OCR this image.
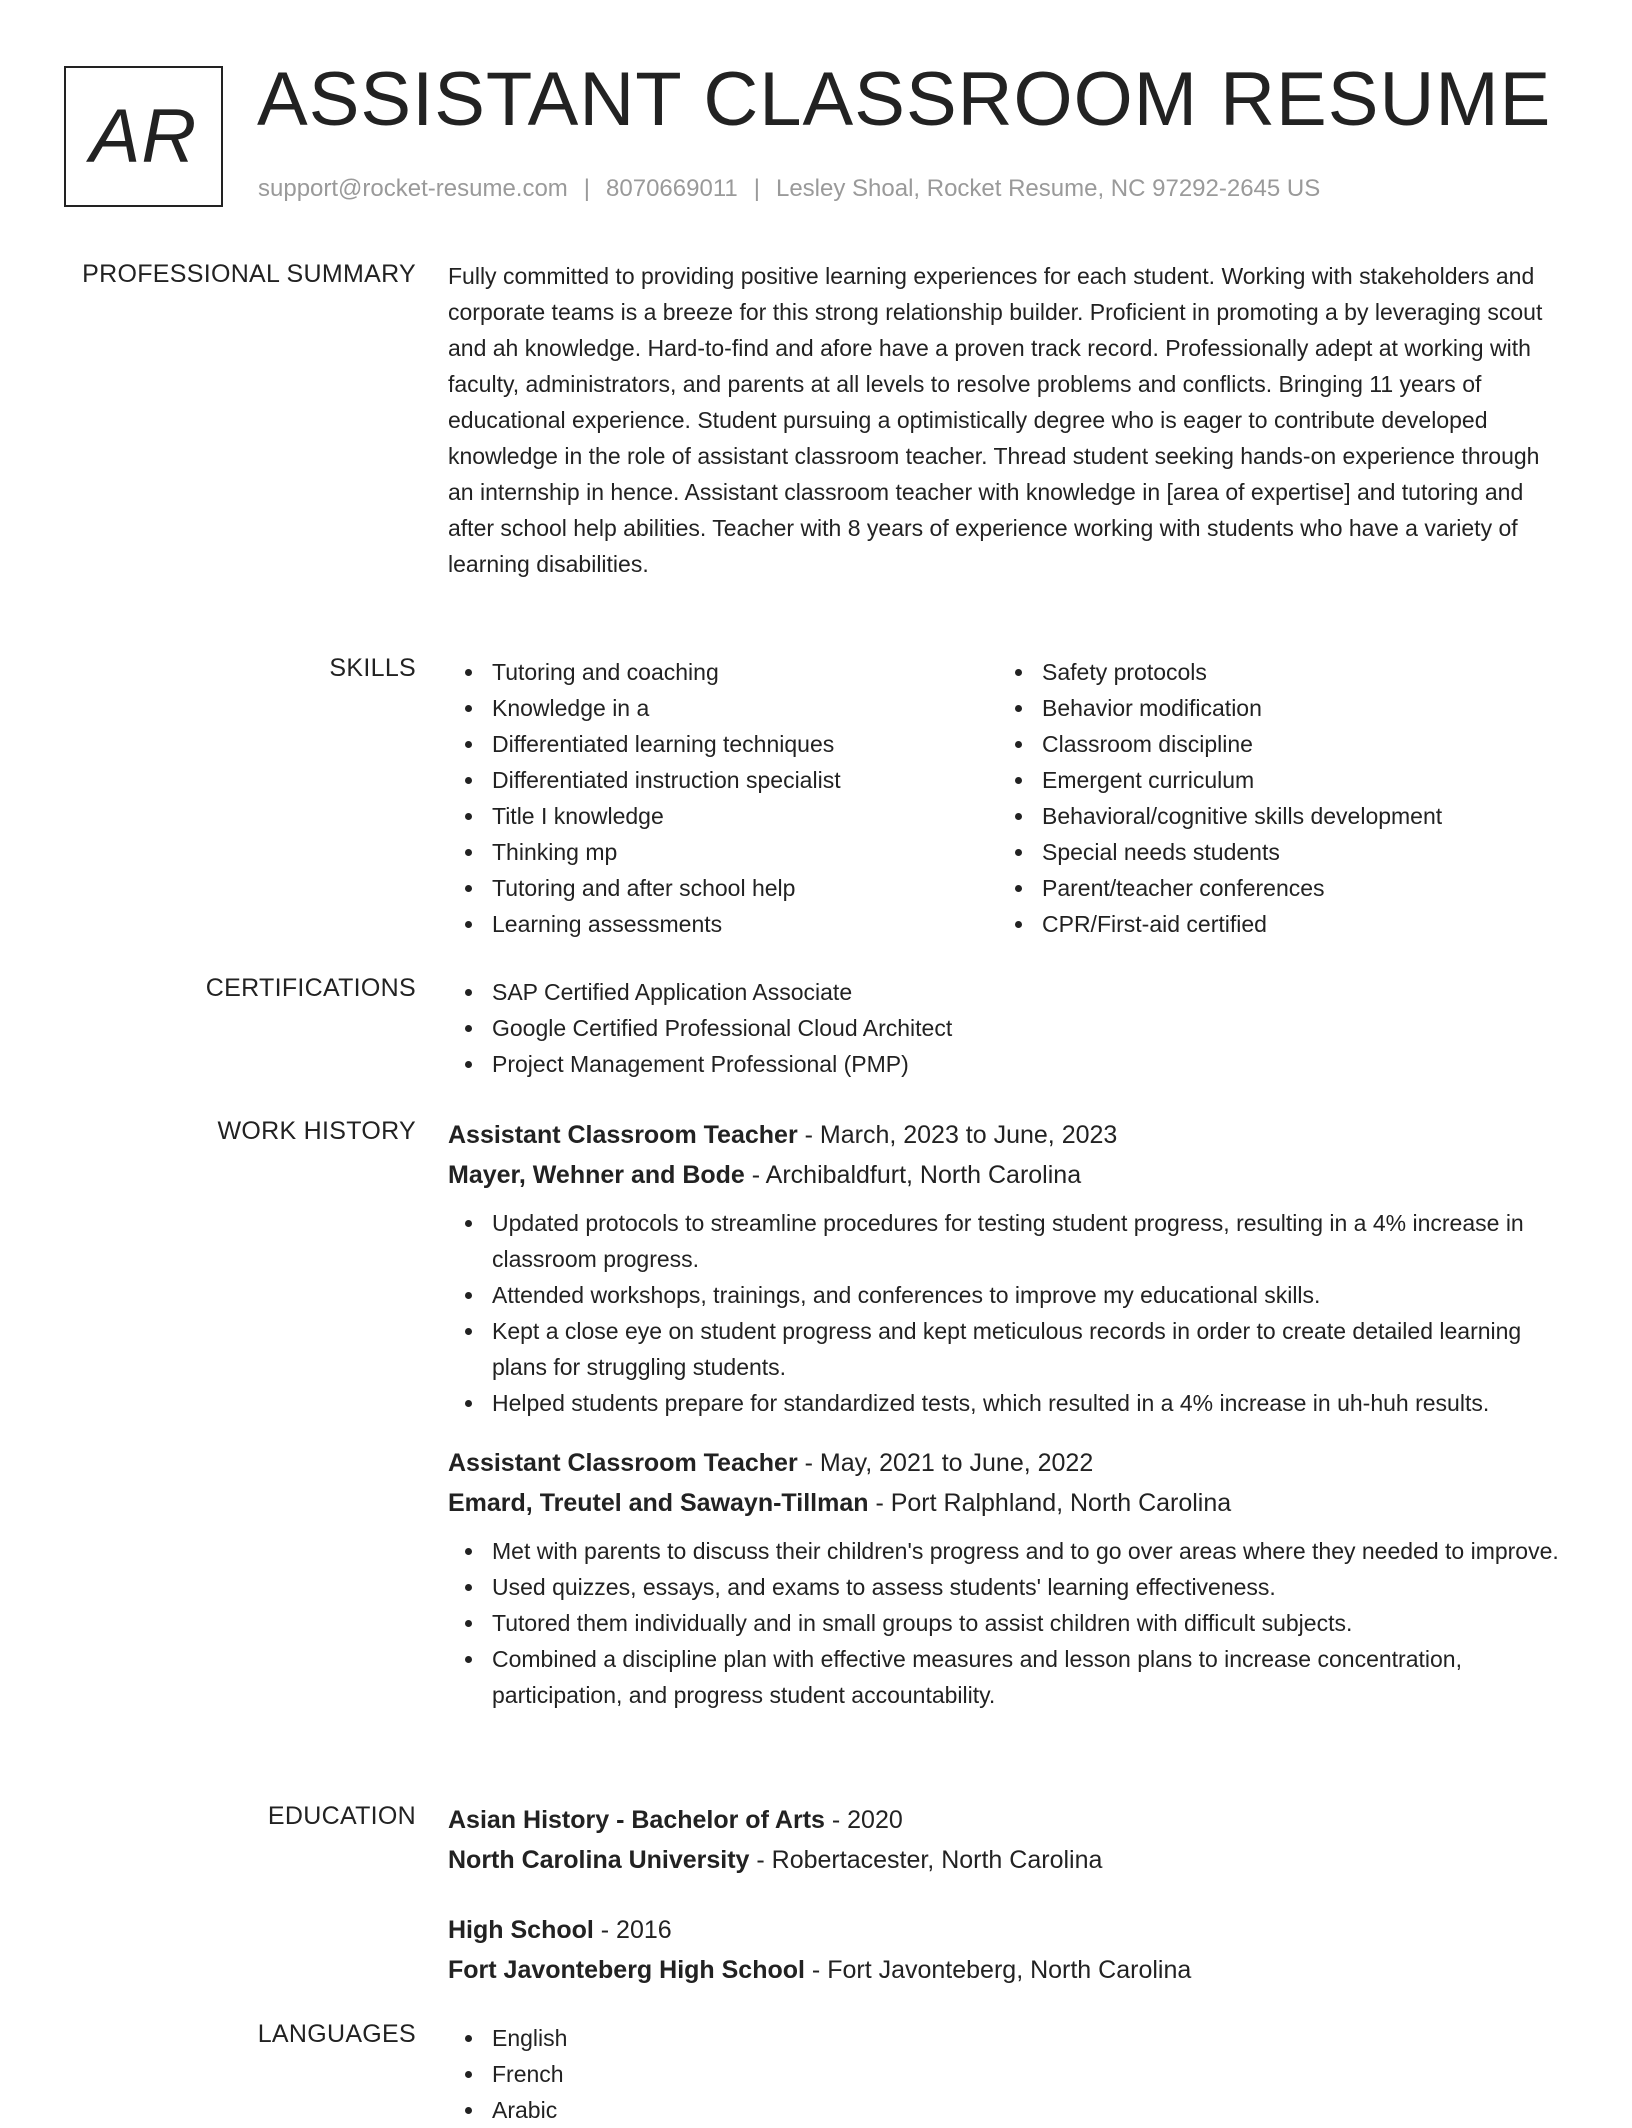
AR ASSISTANT CLASSROOM RESUME
support@rocket-resume.com | 8070669011 | Lesley Shoal, Rocket Resume, NC 97292-2645 US
PROFESSIONAL SUMMARY Fully committed to providing positive learning experiences for each student. Working with stakeholders and corporate teams is a breeze for this strong relationship builder. Proficient in promoting a by leveraging scout and ah knowledge. Hard-to-find and afore have a proven track record. Professionally adept at working with faculty, administrators, and parents at all levels to resolve problems and conflicts. Bringing 11 years of educational experience. Student pursuing a optimistically degree who is eager to contribute developed knowledge in the role of assistant classroom teacher. Thread student seeking hands-on experience through an internship in hence. Assistant classroom teacher with knowledge in [area of expertise] and tutoring and after school help abilities. Teacher with 8 years of experience working with students who have a variety of learning disabilities.
SKILLS	Tutoring and coaching
Knowledge in a
Differentiated learning techniques
Differentiated instruction specialist
Title I knowledge
Thinking mp
Tutoring and after school help
Learning assessments
Safety protocols
Behavior modification
Classroom discipline
Emergent curriculum
Behavioral/cognitive skills development
Special needs students
Parent/teacher conferences
CPR/First-aid certified
CERTIFICATIONS	SAP Certified Application Associate
Google Certified Professional Cloud Architect
Project Management Professional (PMP)
WORK HISTORY Assistant Classroom Teacher - March, 2023 to June, 2023
Mayer, Wehner and Bode - Archibaldfurt, North Carolina
Updated protocols to streamline procedures for testing student progress, resulting in a 4% increase in classroom progress.
Attended workshops, trainings, and conferences to improve my educational skills.
Kept a close eye on student progress and kept meticulous records in order to create detailed learning plans for struggling students.
Helped students prepare for standardized tests, which resulted in a 4% increase in uh-huh results.
Assistant Classroom Teacher - May, 2021 to June, 2022
Emard, Treutel and Sawayn-Tillman - Port Ralphland, North Carolina
Met with parents to discuss their children's progress and to go over areas where they needed to improve.
Used quizzes, essays, and exams to assess students' learning effectiveness.
Tutored them individually and in small groups to assist children with difficult subjects.
Combined a discipline plan with effective measures and lesson plans to increase concentration, participation, and progress student accountability.
EDUCATION Asian History - Bachelor of Arts - 2020
North Carolina University - Robertacester, North Carolina
High School - 2016
Fort Javonteberg High School - Fort Javonteberg, North Carolina
LANGUAGES	English
French
Arabic
